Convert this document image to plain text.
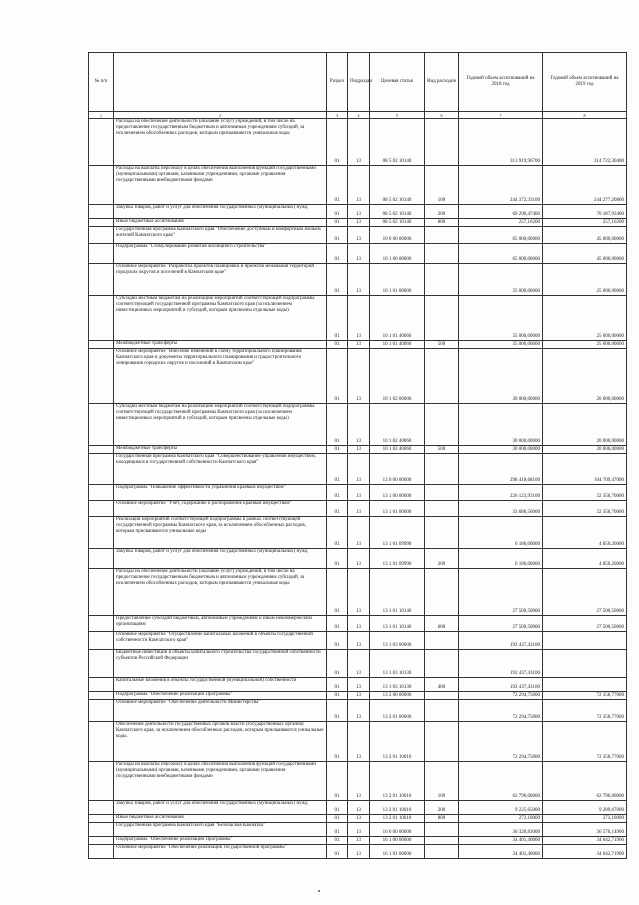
№ п/п		Раздел	Подраздел	Целевая статья	Вид расходов	Годовой объем ассигнований на 2018 год	Годовой объем ассигнований на 2019 год
1	2	3	4	5	6	7	8
	Расходы на обеспечение деятельности (оказание услуг) учреждений, в том числе на предоставление государственным бюджетным и автономным учреждениям субсидий, за исключением обособленных расходов, которым присваиваются уникальные коды	01	13	08 5 02 10140		313 919,96700	314 722,30400
	Расходы на выплаты персоналу в целях обеспечения выполнения функций государственными (муниципальными) органами, казенными учреждениями, органами управления государственными внебюджетными фондами	01	13	08 5 02 10140	100	244 372,33100	244 277,20800
	Закупка товаров, работ и услуг для обеспечения государственных (муниципальных) нужд	01	13	08 5 02 10140	200	69 290,47400	70 187,93400
	Иные бюджетные ассигнования	01	13	08 5 02 10140	800	257,16200	257,16200
	Государственная программа Камчатского края "Обеспечение доступным и комфортным жильем жителей Камчатского края"	01	13	10 0 00 00000		65 000,00000	45 000,00000
	Подпрограмма "Стимулирование развития жилищного строительства"	01	13	10 1 00 00000		65 000,00000	45 000,00000
	Основное мероприятие "Разработка проектов планировки и проектов межевания территорий городских округов и поселений в Камчатском крае"	01	13	10 1 01 00000		35 000,00000	25 000,00000
	Субсидии местным бюджетам на реализацию мероприятий соответствующей подпрограммы соответствующей государственной программы Камчатского края (за исключением инвестиционных мероприятий и субсидий, которым присвоены отдельные коды)	01	13	10 1 01 40060		35 000,00000	25 000,00000
	Межбюджетные трансферты	01	13	10 1 01 40060	500	35 000,00000	25 000,00000
	Основное мероприятие "Внесение изменений в схему территориального планирования Камчатского края и документы территориального планирования и градостроительного зонирования городских округов и поселений в Камчатском крае"	01	13	10 1 02 00000		30 000,00000	20 000,00000
	Субсидии местным бюджетам на реализацию мероприятий соответствующей подпрограммы соответствующей государственной программы Камчатского края (за исключением инвестиционных мероприятий и субсидий, которым присвоены отдельные коды)	01	13	10 1 02 40060		30 000,00000	20 000,00000
	Межбюджетные трансферты	01	13	10 1 02 40060	500	30 000,00000	20 000,00000
	Государственная программа Камчатского края "Совершенствование управления имуществом, находящимся в государственной собственности Камчатского края"	01	13	13 0 00 00000		298 418,68100	104 709,47000
	Подпрограмма "Повышение эффективности управления краевым имуществом"	01	13	13 1 00 00000		226 123,93100	32 350,70000
	Основное мероприятие "Учет, содержание и распоряжение краевым имуществом"	01	13	13 1 01 00000		33 686,50000	32 350,70000
	Реализация мероприятий соответствующей подпрограммы в рамках соответствующей государственной программы Камчатского края, за исключением обособленных расходов, которым присваиваются уникальные коды	01	13	13 1 01 09990		6 186,00000	4 850,20000
	Закупка товаров, работ и услуг для обеспечения государственных (муниципальных) нужд	01	13	13 1 01 09990	200	6 186,00000	4 850,20000
	Расходы на обеспечение деятельности (оказание услуг) учреждений, в том числе на предоставление государственным бюджетным и автономным учреждениям субсидий, за исключением обособленных расходов, которым присваиваются уникальные коды	01	13	13 1 01 10140		27 500,50000	27 500,50000
	Предоставление субсидий бюджетным, автономным учреждениям и иным некоммерческим организациям	01	13	13 1 01 10140	600	27 500,50000	27 500,50000
	Основное мероприятие "Осуществление капитальных вложений в объекты государственной собственности Камчатского края"	01	13	13 1 03 00000		192 437,43100	
	Бюджетные инвестиции в объекты капитального строительства государственной собственности субъектов Российской Федерации	01	13	13 1 03 10130		192 437,43100	
	Капитальные вложения в объекты государственной (муниципальной) собственности	01	13	13 1 03 10130	400	192 437,43100	
	Подпрограмма "Обеспечение реализации Программы"	01	13	13 2 00 00000		72 294,75000	72 358,77000
	Основное мероприятие "Обеспечение деятельности Министерства"	01	13	13 2 01 00000		72 294,75000	72 358,77000
	Обеспечение деятельности государственных органов власти (государственных органов) Камчатского края, за исключением обособленных расходов, которым присваиваются уникальные коды.	01	13	13 2 01 10010		72 294,75000	72 358,77000
	Расходы на выплаты персоналу в целях обеспечения выполнения функций государственными (муниципальными) органами, казенными учреждениями, органами управления государственными внебюджетными фондами	01	13	13 2 01 10010	100	62 796,00000	62 796,00000
	Закупка товаров, работ и услуг для обеспечения государственных (муниципальных) нужд	01	13	13 2 01 10010	200	9 225,65000	9 289,67000
	Иные бюджетные ассигнования	01	13	13 2 01 10010	800	273,10000	273,10000
	Государственная программа Камчатского края "Безопасная Камчатка"	01	13	16 0 00 00000		36 328,83000	36 570,14900
	Подпрограмма "Обеспечение реализации Программы"	01	13	16 1 00 00000		34 401,40000	34 642,71900
	Основное мероприятие "Обеспечение реализации государственной программы"	01	13	16 1 01 00000		34 401,40000	34 642,71900
